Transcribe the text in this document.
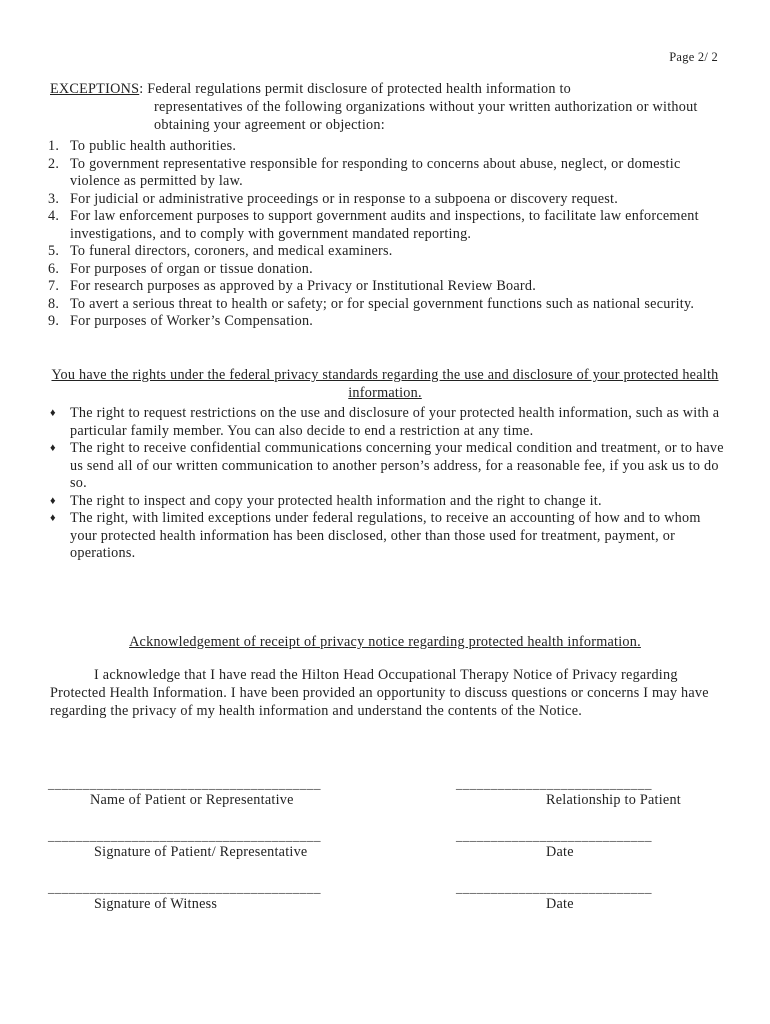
Page 2/ 2
EXCEPTIONS: Federal regulations permit disclosure of protected health information to
representatives of the following organizations without your written authorization or without obtaining your agreement or objection:
1. To public health authorities.
2. To government representative responsible for responding to concerns about abuse, neglect, or domestic violence as permitted by law.
3. For judicial or administrative proceedings or in response to a subpoena or discovery request.
4. For law enforcement purposes to support government audits and inspections, to facilitate law enforcement investigations, and to comply with government mandated reporting.
5. To funeral directors, coroners, and medical examiners.
6. For purposes of organ or tissue donation.
7. For research purposes as approved by a Privacy or Institutional Review Board.
8. To avert a serious threat to health or safety; or for special government functions such as national security.
9. For purposes of Worker’s Compensation.
You have the rights under the federal privacy standards regarding the use and disclosure of your protected health information.
♦ The right to request restrictions on the use and disclosure of your protected health information, such as with a particular family member. You can also decide to end a restriction at any time.
♦ The right to receive confidential communications concerning your medical condition and treatment, or to have us send all of our written communication to another person’s address, for a reasonable fee, if you ask us to do so.
♦ The right to inspect and copy your protected health information and the right to change it.
♦ The right, with limited exceptions under federal regulations, to receive an accounting of how and to whom your protected health information has been disclosed, other than those used for treatment, payment, or operations.
Acknowledgement of receipt of privacy notice regarding protected health information.
I acknowledge that I have read the Hilton Head Occupational Therapy Notice of Privacy regarding Protected Health Information. I have been provided an opportunity to discuss questions or concerns I may have regarding the privacy of my health information and understand the contents of the Notice.
_______________________________________
Name of Patient or Representative
____________________________
Relationship to Patient
_______________________________________
Signature of Patient/ Representative
____________________________
Date
_______________________________________
Signature of Witness
____________________________
Date
